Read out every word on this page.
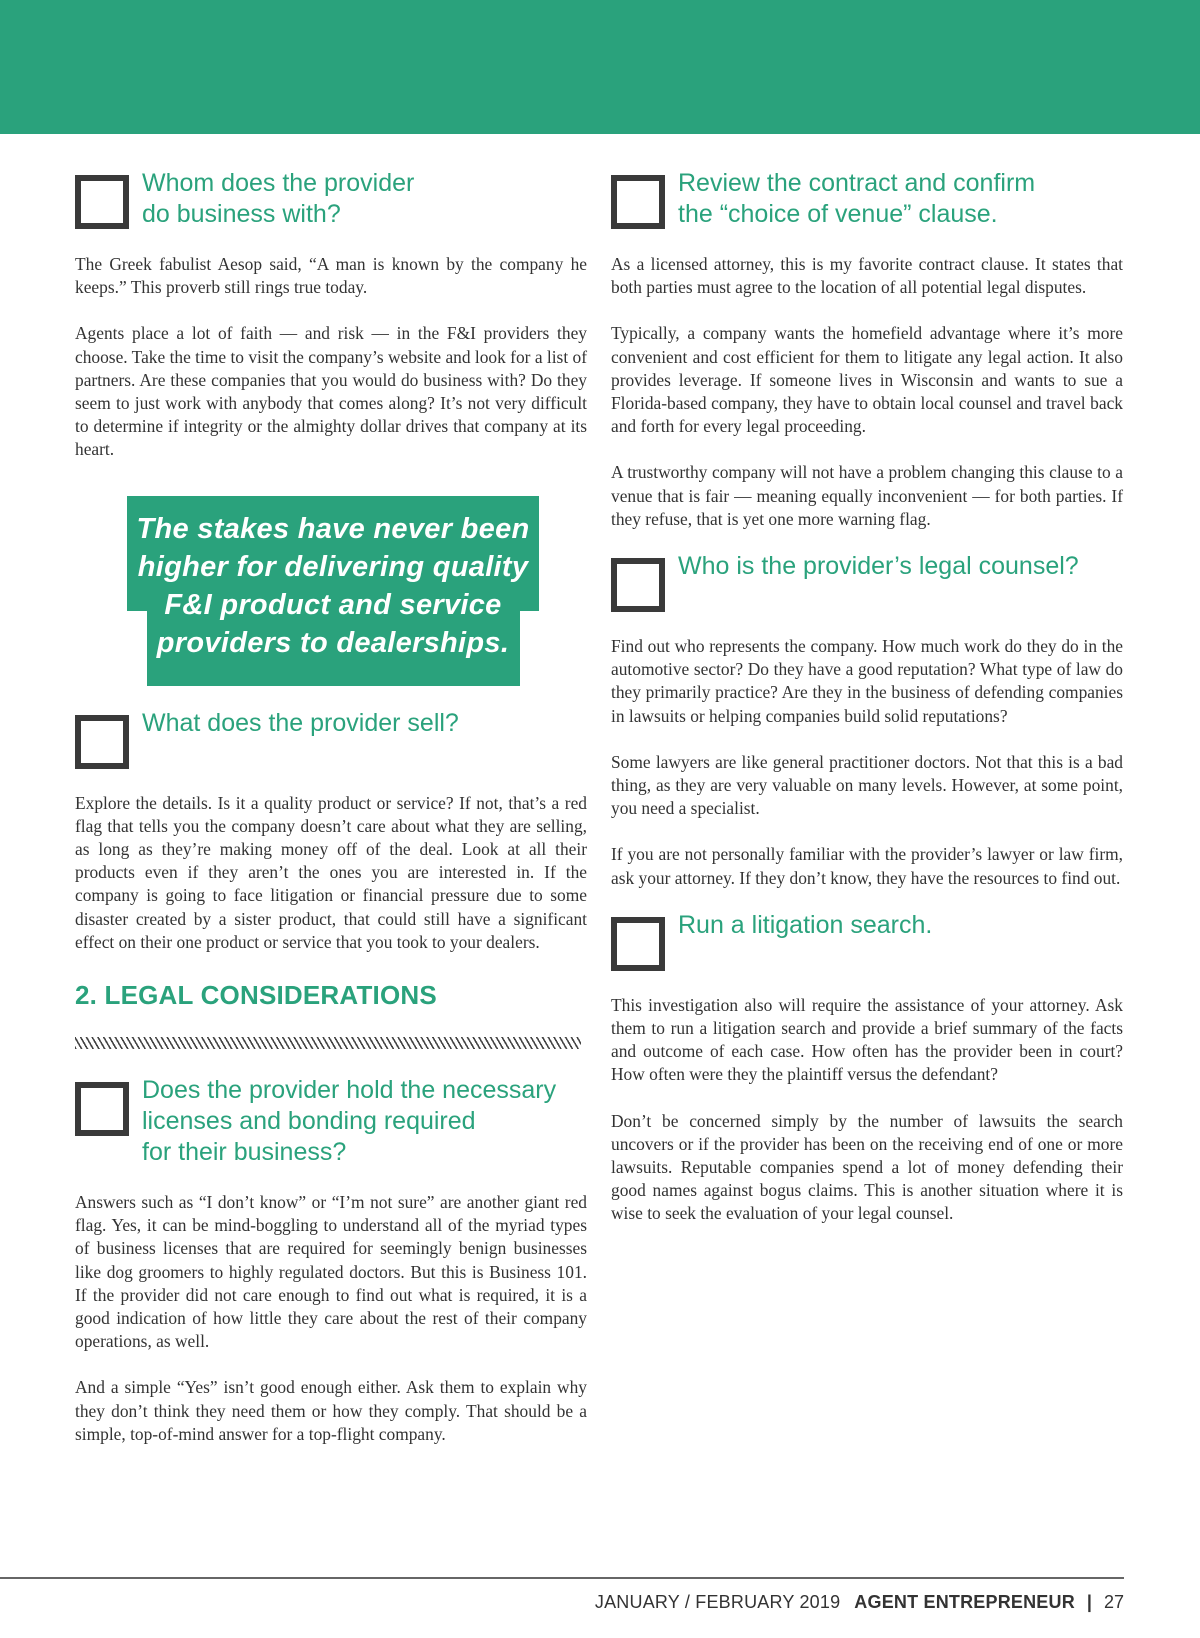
Whom does the provider
do business with?

The Greek fabulist Aesop said, “A man is known by the company he keeps.” This proverb still rings true today.

Agents place a lot of faith — and risk — in the F&I providers they choose. Take the time to visit the company’s website and look for a list of partners. Are these companies that you would do business with? Do they seem to just work with anybody that comes along? It’s not very difficult to determine if integrity or the almighty dollar drives that company at its heart.

The stakes have never been
higher for delivering quality
F&I product and service
providers to dealerships.
What does the provider sell?

Explore the details. Is it a quality product or service? If not, that’s a red flag that tells you the company doesn’t care about what they are selling, as long as they’re making money off of the deal. Look at all their products even if they aren’t the ones you are interested in. If the company is going to face litigation or financial pressure due to some disaster created by a sister product, that could still have a significant effect on their one product or service that you took to your dealers.

2. LEGAL CONSIDERATIONS
Does the provider hold the necessary
licenses and bonding required
for their business?

Answers such as “I don’t know” or “I’m not sure” are another giant red flag. Yes, it can be mind-boggling to understand all of the myriad types of business licenses that are required for seemingly benign businesses like dog groomers to highly regulated doctors. But this is Business 101. If the provider did not care enough to find out what is required, it is a good indication of how little they care about the rest of their company operations, as well.

And a simple “Yes” isn’t good enough either. Ask them to explain why they don’t think they need them or how they comply. That should be a simple, top-of-mind answer for a top-flight company.

Review the contract and confirm
the “choice of venue” clause.

As a licensed attorney, this is my favorite contract clause. It states that both parties must agree to the location of all potential legal disputes.

Typically, a company wants the homefield advantage where it’s more convenient and cost efficient for them to litigate any legal action. It also provides leverage. If someone lives in Wisconsin and wants to sue a Florida-based company, they have to obtain local counsel and travel back and forth for every legal proceeding.

A trustworthy company will not have a problem changing this clause to a venue that is fair — meaning equally inconvenient — for both parties. If they refuse, that is yet one more warning flag.

Who is the provider’s legal counsel?

Find out who represents the company. How much work do they do in the automotive sector? Do they have a good reputation? What type of law do they primarily practice? Are they in the business of defending companies in lawsuits or helping companies build solid reputations?

Some lawyers are like general practitioner doctors. Not that this is a bad thing, as they are very valuable on many levels. However, at some point, you need a specialist.

If you are not personally familiar with the provider’s lawyer or law firm, ask your attorney. If they don’t know, they have the resources to find out.

Run a litigation search.

This investigation also will require the assistance of your attorney. Ask them to run a litigation search and provide a brief summary of the facts and outcome of each case. How often has the provider been in court? How often were they the plaintiff versus the defendant?

Don’t be concerned simply by the number of lawsuits the search uncovers or if the provider has been on the receiving end of one or more lawsuits. Reputable companies spend a lot of money defending their good names against bogus claims. This is another situation where it is wise to seek the evaluation of your legal counsel.

JANUARY / FEBRUARY 2019 AGENT ENTREPRENEUR | 27
